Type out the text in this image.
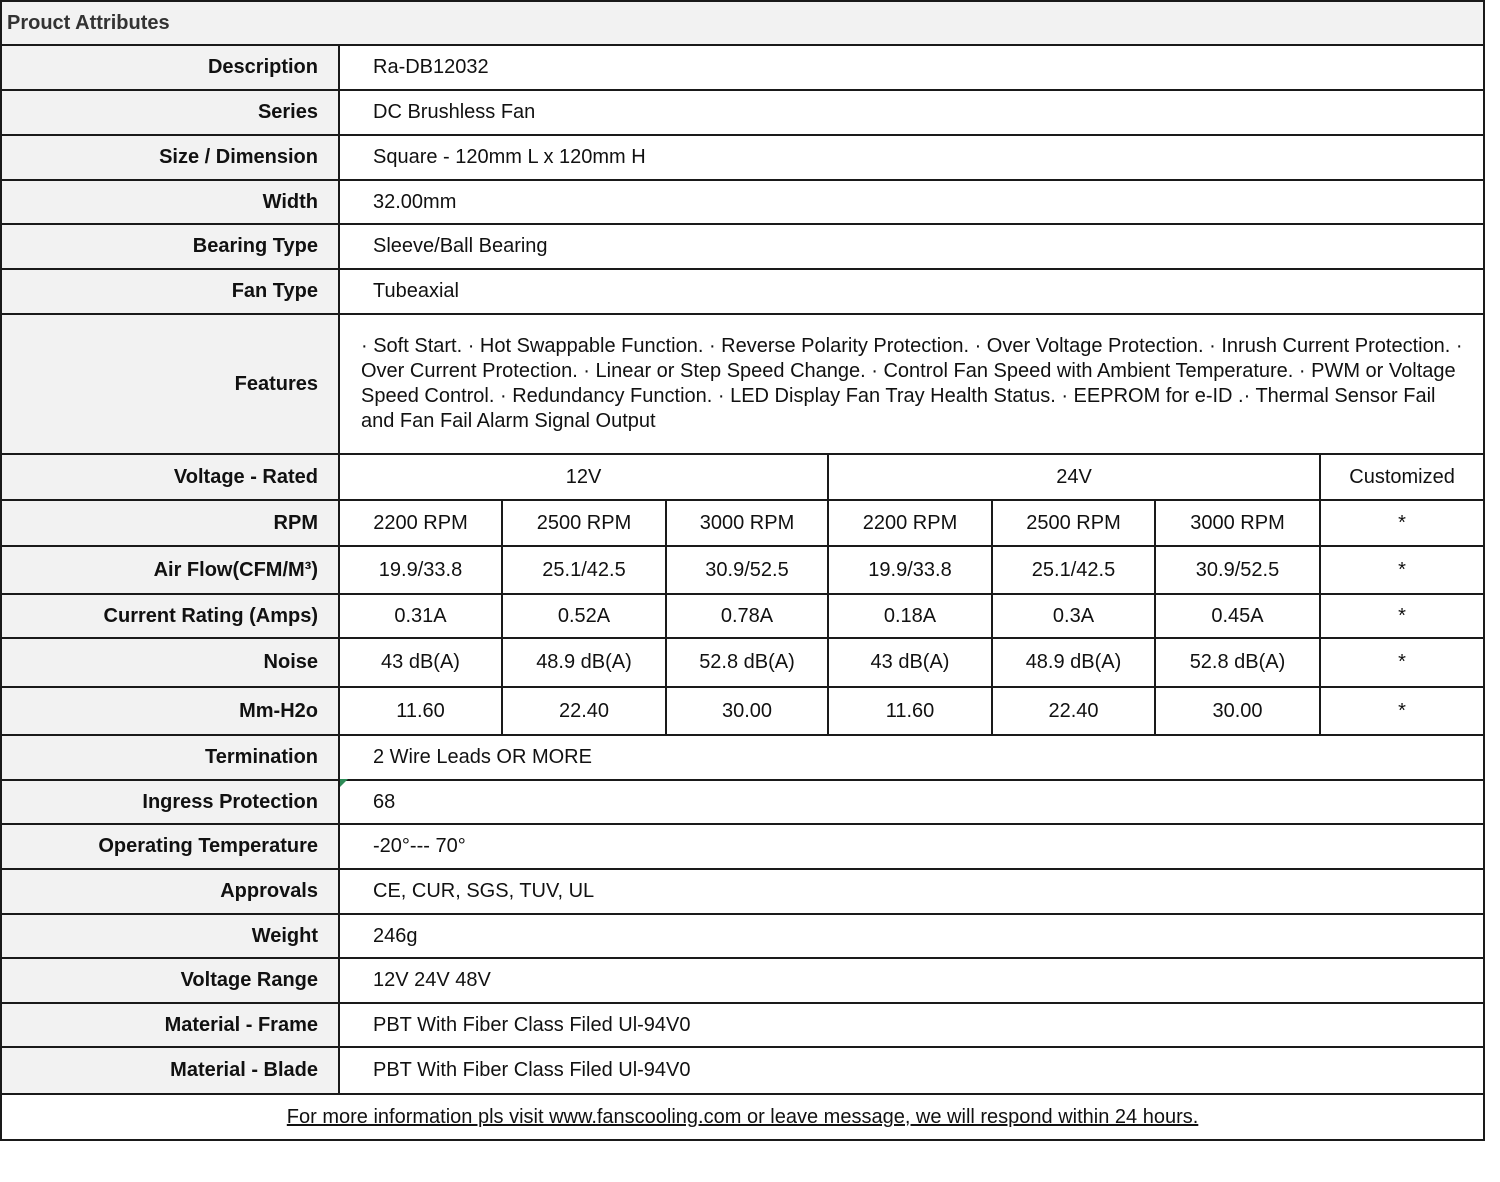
Prouct Attributes							
Description	Ra-DB12032						
Series	DC Brushless Fan						
Size / Dimension	Square - 120mm L x 120mm H						
Width	32.00mm						
Bearing Type	Sleeve/Ball Bearing						
Fan Type	Tubeaxial						
Features	· Soft Start. · Hot Swappable Function. · Reverse Polarity Protection. · Over Voltage Protection. · Inrush Current Protection. · Over Current Protection. · Linear or Step Speed Change. · Control Fan Speed with Ambient Temperature. · PWM or Voltage Speed Control. · Redundancy Function. · LED Display Fan Tray Health Status. · EEPROM for e-ID .· Thermal Sensor Fail and Fan Fail Alarm Signal Output						
Voltage - Rated	12V			24V			Customized
RPM	2200 RPM	2500 RPM	3000 RPM	2200 RPM	2500 RPM	3000 RPM	*
Air Flow(CFM/M³)	19.9/33.8	25.1/42.5	30.9/52.5	19.9/33.8	25.1/42.5	30.9/52.5	*
Current Rating (Amps)	0.31A	0.52A	0.78A	0.18A	0.3A	0.45A	*
Noise	43 dB(A)	48.9 dB(A)	52.8 dB(A)	43 dB(A)	48.9 dB(A)	52.8 dB(A)	*
Mm-H2o	11.60	22.40	30.00	11.60	22.40	30.00	*
Termination	2 Wire Leads OR MORE						
Ingress Protection	68						
Operating Temperature	-20°--- 70°						
Approvals	CE, CUR, SGS, TUV, UL						
Weight	246g						
Voltage Range	12V 24V 48V						
Material - Frame	PBT With Fiber Class Filed Ul-94V0						
Material - Blade	PBT With Fiber Class Filed Ul-94V0						
For more information pls visit www.fanscooling.com or leave message, we will respond within 24 hours.							
